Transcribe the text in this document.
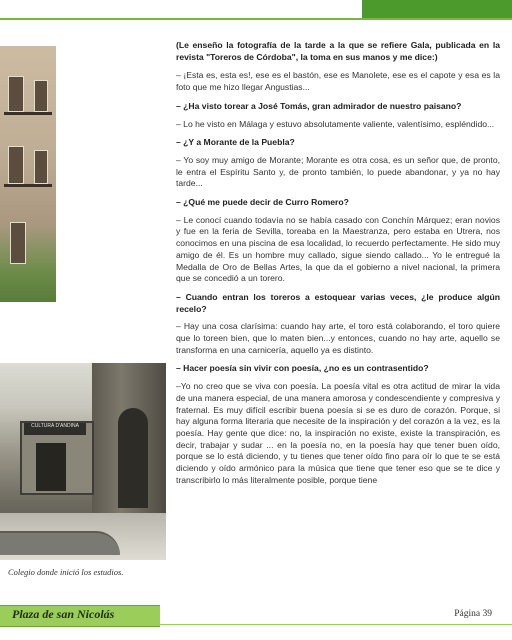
CULTURA D'ANDINA
Colegio donde inició los estudios.

(Le enseño la fotografía de la tarde a la que se refiere Gala, publicada en la revista "Toreros de Córdoba", la toma en sus manos y me dice:)

– ¡Esta es, esta es!, ese es el bastón, ese es Manolete, ese es el capote y esa es la foto que me hizo llegar Angustias...

– ¿Ha visto torear a José Tomás, gran admirador de nuestro paisano?

– Lo he visto en Málaga y estuvo absolutamente valiente, valentísimo, espléndido...

– ¿Y a Morante de la Puebla?

– Yo soy muy amigo de Morante; Morante es otra cosa, es un señor que, de pronto, le entra el Espíritu Santo y, de pronto también, lo puede abandonar, y ya no hay tarde...

– ¿Qué me puede decir de Curro Romero?

– Le conocí cuando todavía no se había casado con Conchín Márquez; eran novios y fue en la feria de Sevilla, toreaba en la Maestranza, pero estaba en Utrera, nos conocimos en una piscina de esa localidad, lo recuerdo perfectamente. He sido muy amigo de él. Es un hombre muy callado, sigue siendo callado... Yo le entregué la Medalla de Oro de Bellas Artes, la que da el gobierno a nivel nacional, la primera que se concedió a un torero.

– Cuando entran los toreros a estoquear varias veces, ¿le produce algún recelo?

– Hay una cosa clarísima: cuando hay arte, el toro está colaborando, el toro quiere que lo toreen bien, que lo maten bien...y entonces, cuando no hay arte, aquello se transforma en una carnicería, aquello ya es distinto.

– Hacer poesía sin vivir con poesía, ¿no es un contrasentido?

–Yo no creo que se viva con poesía. La poesía vital es otra actitud de mirar la vida de una manera especial, de una manera amorosa y condescendiente y compresiva y fraternal. Es muy difícil escribir buena poesía si se es duro de corazón. Porque, si hay alguna forma literaria que necesite de la inspiración y del corazón a la vez, es la poesía. Hay gente que dice: no, la inspiración no existe, existe la transpiración, es decir, trabajar y sudar ... en la poesía no, en la poesía hay que tener buen oído, porque se lo está diciendo, y tu tienes que tener oído fino para oír lo que te se está diciendo y oído armónico para la música que tiene que tener eso que se te dice y transcribirlo lo más literalmente posible, porque tiene

Plaza de san Nicolás	Página 39
